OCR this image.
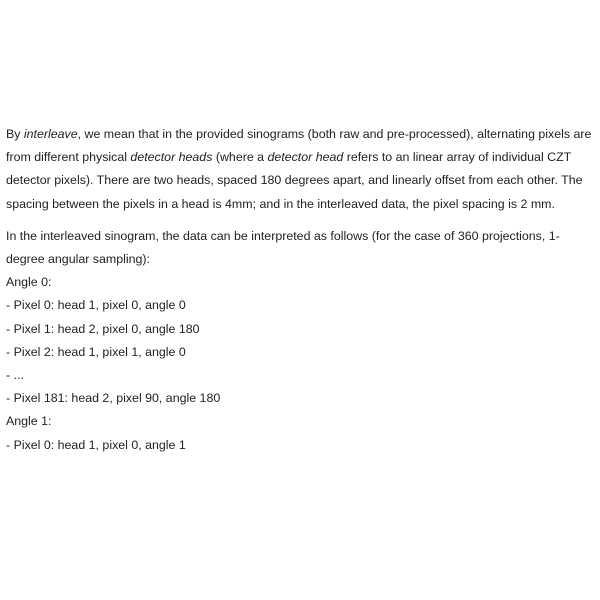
By interleave, we mean that in the provided sinograms (both raw and pre-processed), alternating pixels are from different physical detector heads (where a detector head refers to an linear array of individual CZT detector pixels). There are two heads, spaced 180 degrees apart, and linearly offset from each other. The spacing between the pixels in a head is 4mm; and in the interleaved data, the pixel spacing is 2 mm.

In the interleaved sinogram, the data can be interpreted as follows (for the case of 360 projections, 1-degree angular sampling):

Angle 0:
- Pixel 0: head 1, pixel 0, angle 0
- Pixel 1: head 2, pixel 0, angle 180
- Pixel 2: head 1, pixel 1, angle 0
- ...
- Pixel 181: head 2, pixel 90, angle 180
Angle 1:
- Pixel 0: head 1, pixel 0, angle 1
